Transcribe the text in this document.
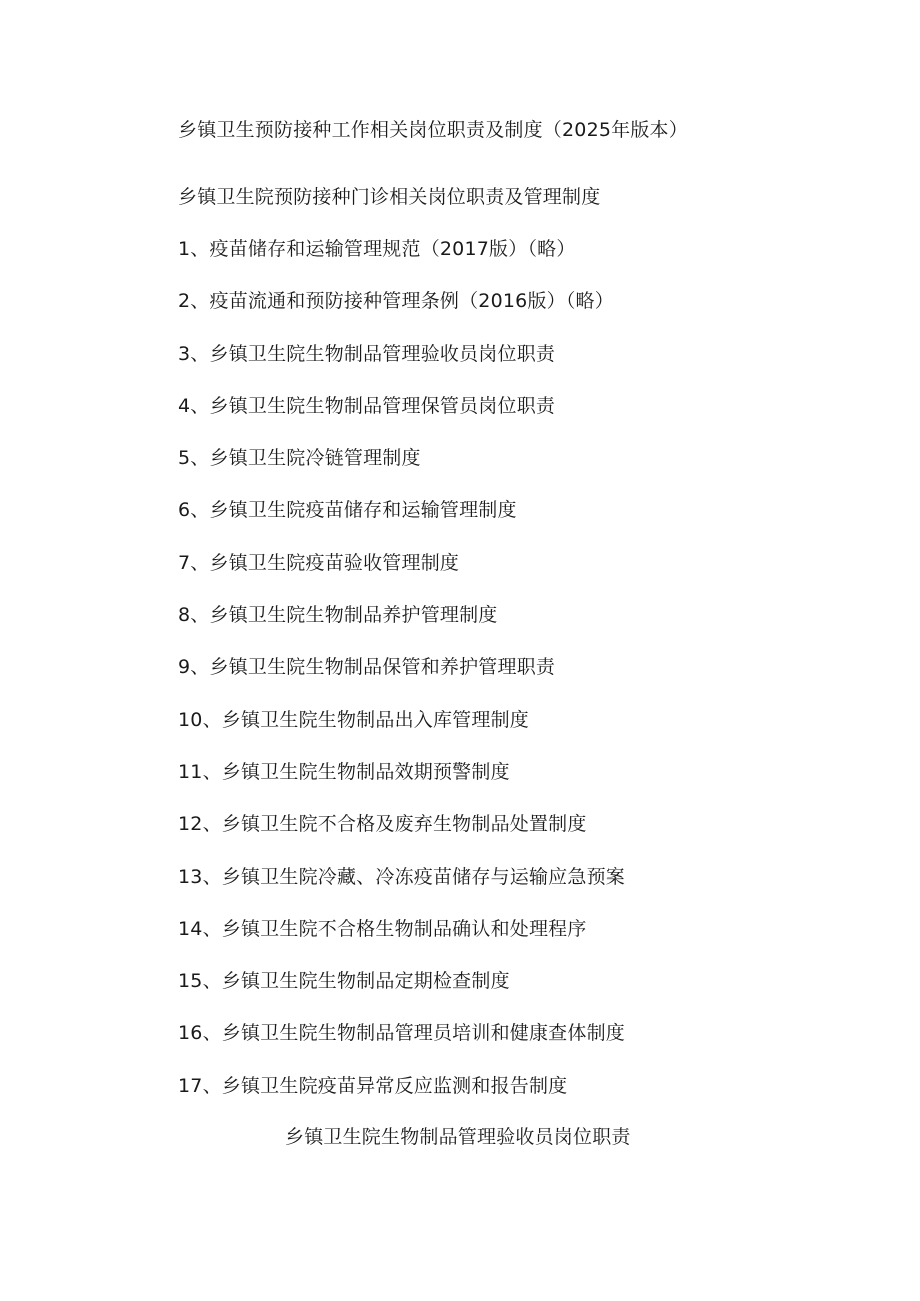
乡镇卫生预防接种工作相关岗位职责及制度（2025年版本）
乡镇卫生院预防接种门诊相关岗位职责及管理制度
1、疫苗储存和运输管理规范（2017版）（略）
2、疫苗流通和预防接种管理条例（2016版）（略）
3、乡镇卫生院生物制品管理验收员岗位职责
4、乡镇卫生院生物制品管理保管员岗位职责
5、乡镇卫生院冷链管理制度
6、乡镇卫生院疫苗储存和运输管理制度
7、乡镇卫生院疫苗验收管理制度
8、乡镇卫生院生物制品养护管理制度
9、乡镇卫生院生物制品保管和养护管理职责
10、乡镇卫生院生物制品出入库管理制度
11、乡镇卫生院生物制品效期预警制度
12、乡镇卫生院不合格及废弃生物制品处置制度
13、乡镇卫生院冷藏、冷冻疫苗储存与运输应急预案
14、乡镇卫生院不合格生物制品确认和处理程序
15、乡镇卫生院生物制品定期检查制度
16、乡镇卫生院生物制品管理员培训和健康查体制度
17、乡镇卫生院疫苗异常反应监测和报告制度
乡镇卫生院生物制品管理验收员岗位职责
